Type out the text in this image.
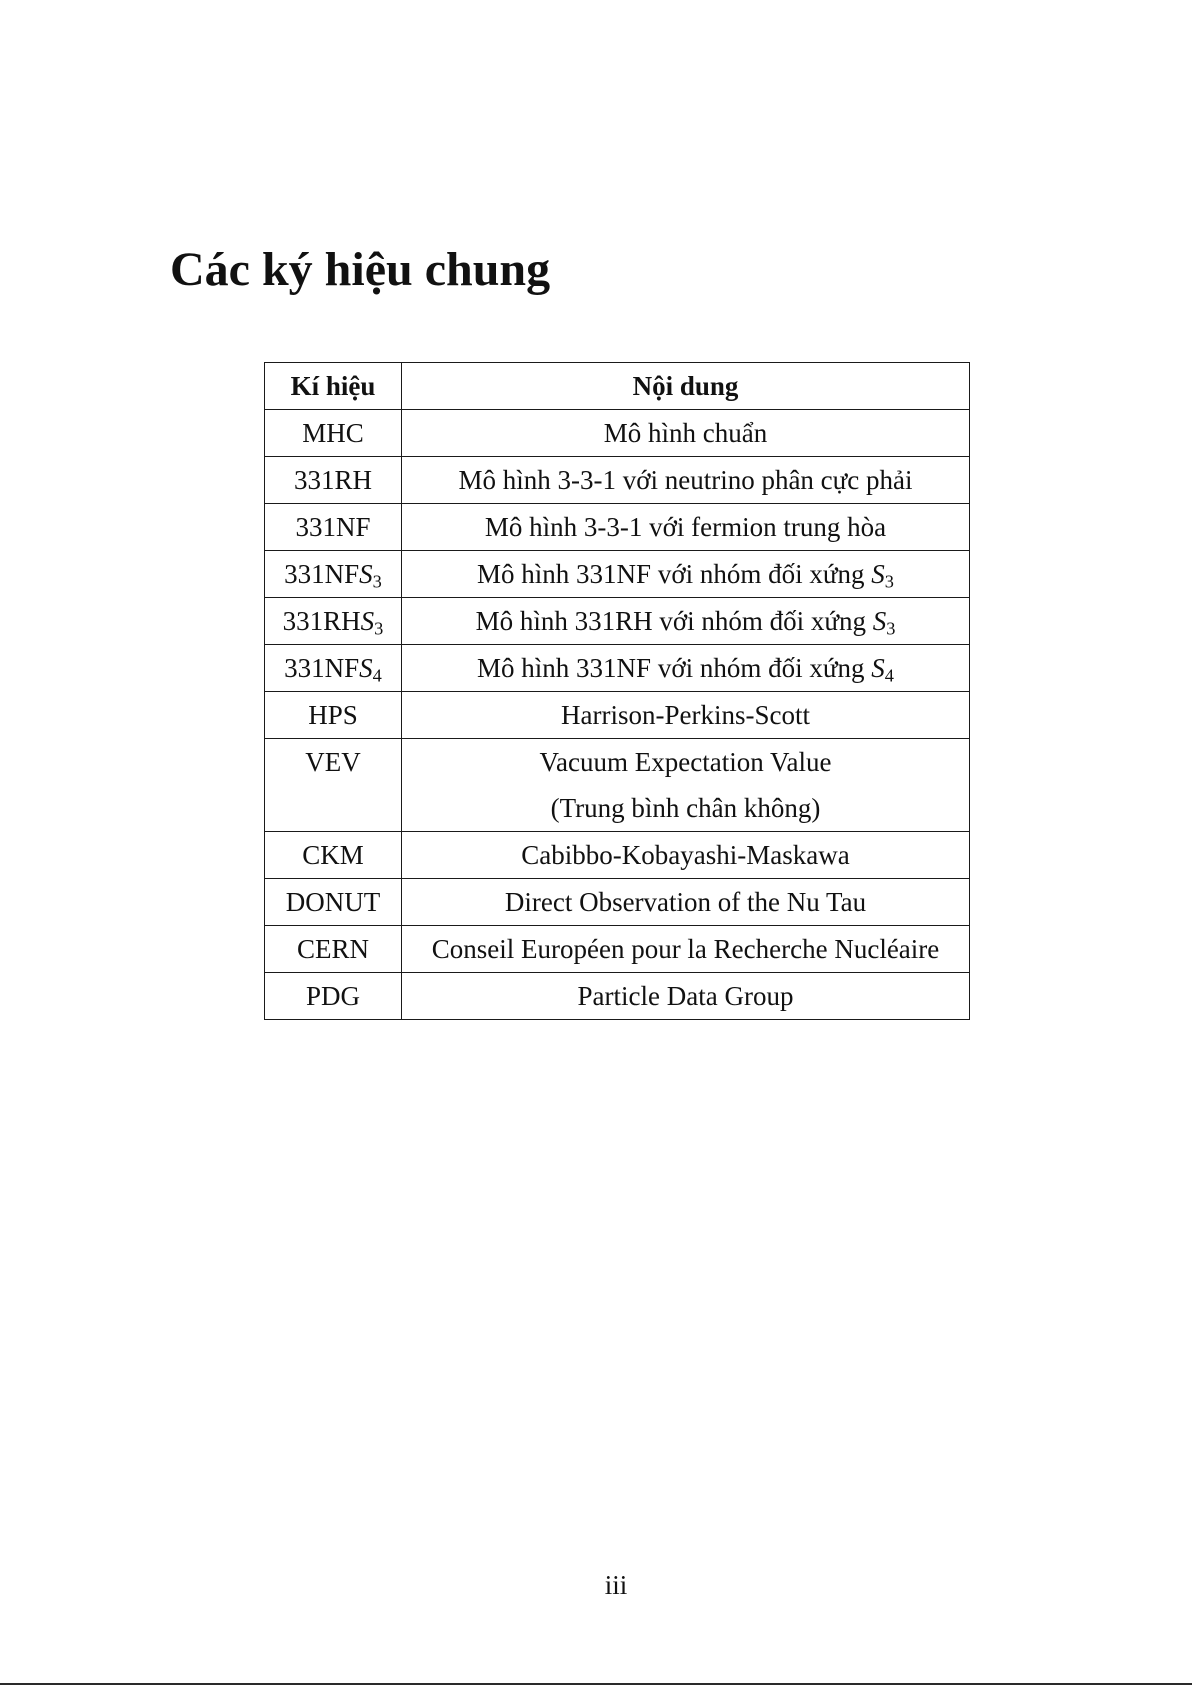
Các ký hiệu chung
Kí hiệu	Nội dung
MHC	Mô hình chuẩn
331RH	Mô hình 3-3-1 với neutrino phân cực phải
331NF	Mô hình 3-3-1 với fermion trung hòa
$331NFS_3$	Mô hình 331NF với nhóm đối xứng $S_3$
$331RHS_3$	Mô hình 331RH với nhóm đối xứng $S_3$
$331NFS_4$	Mô hình 331NF với nhóm đối xứng $S_4$
HPS	Harrison-Perkins-Scott
VEV	Vacuum Expectation Value
(Trung bình chân không)

CKM	Cabibbo-Kobayashi-Maskawa
DONUT	Direct Observation of the Nu Tau
CERN	Conseil Européen pour la Recherche Nucléaire
PDG	Particle Data Group
iii
